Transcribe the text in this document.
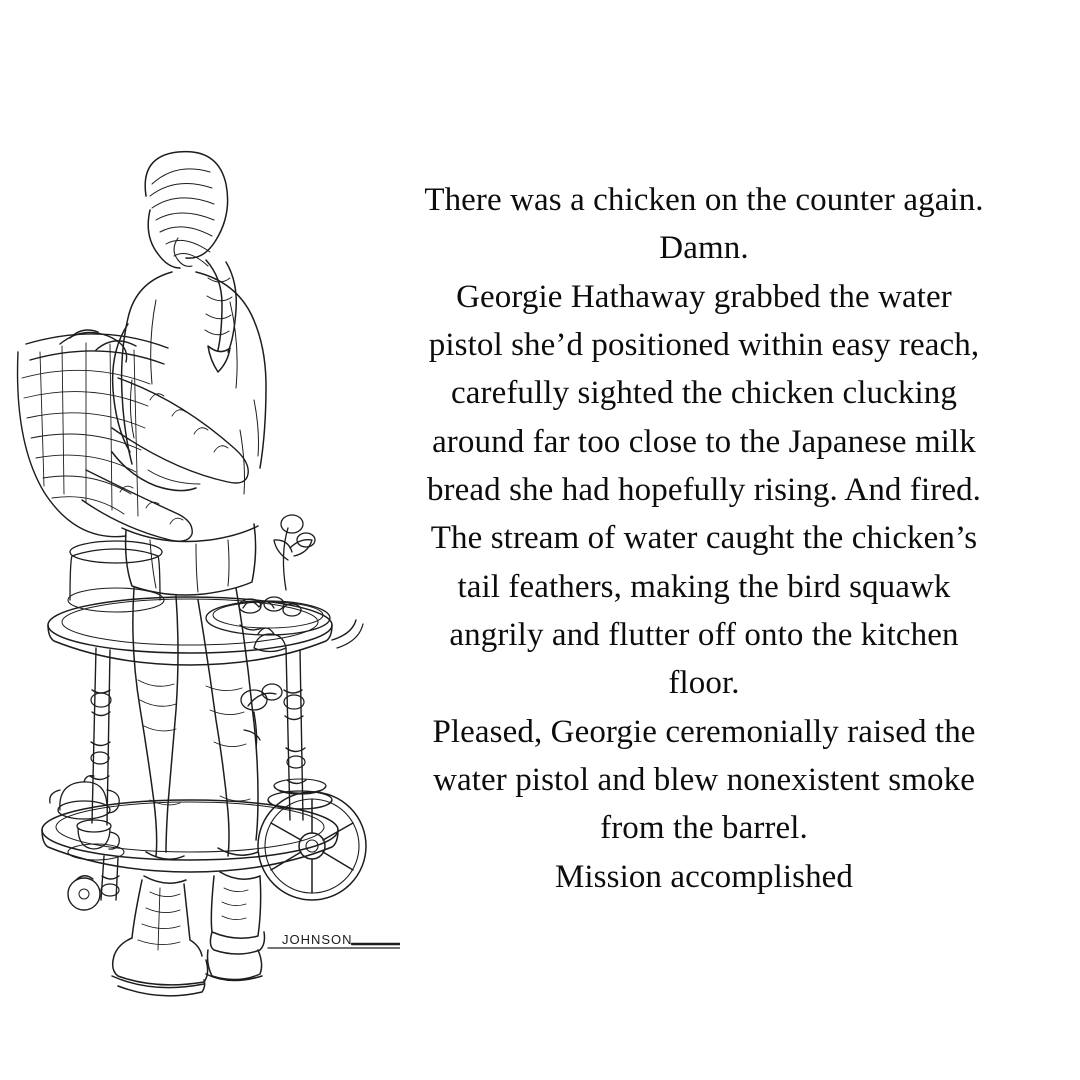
JOHNSON
There was a chicken on the counter again.
Damn.
Georgie Hathaway grabbed the water
pistol she’d positioned within easy reach,
carefully sighted the chicken clucking
around far too close to the Japanese milk
bread she had hopefully rising. And fired.
The stream of water caught the chicken’s
tail feathers, making the bird squawk
angrily and flutter off onto the kitchen
floor.
Pleased, Georgie ceremonially raised the
water pistol and blew nonexistent smoke
from the barrel.
Mission accomplished
